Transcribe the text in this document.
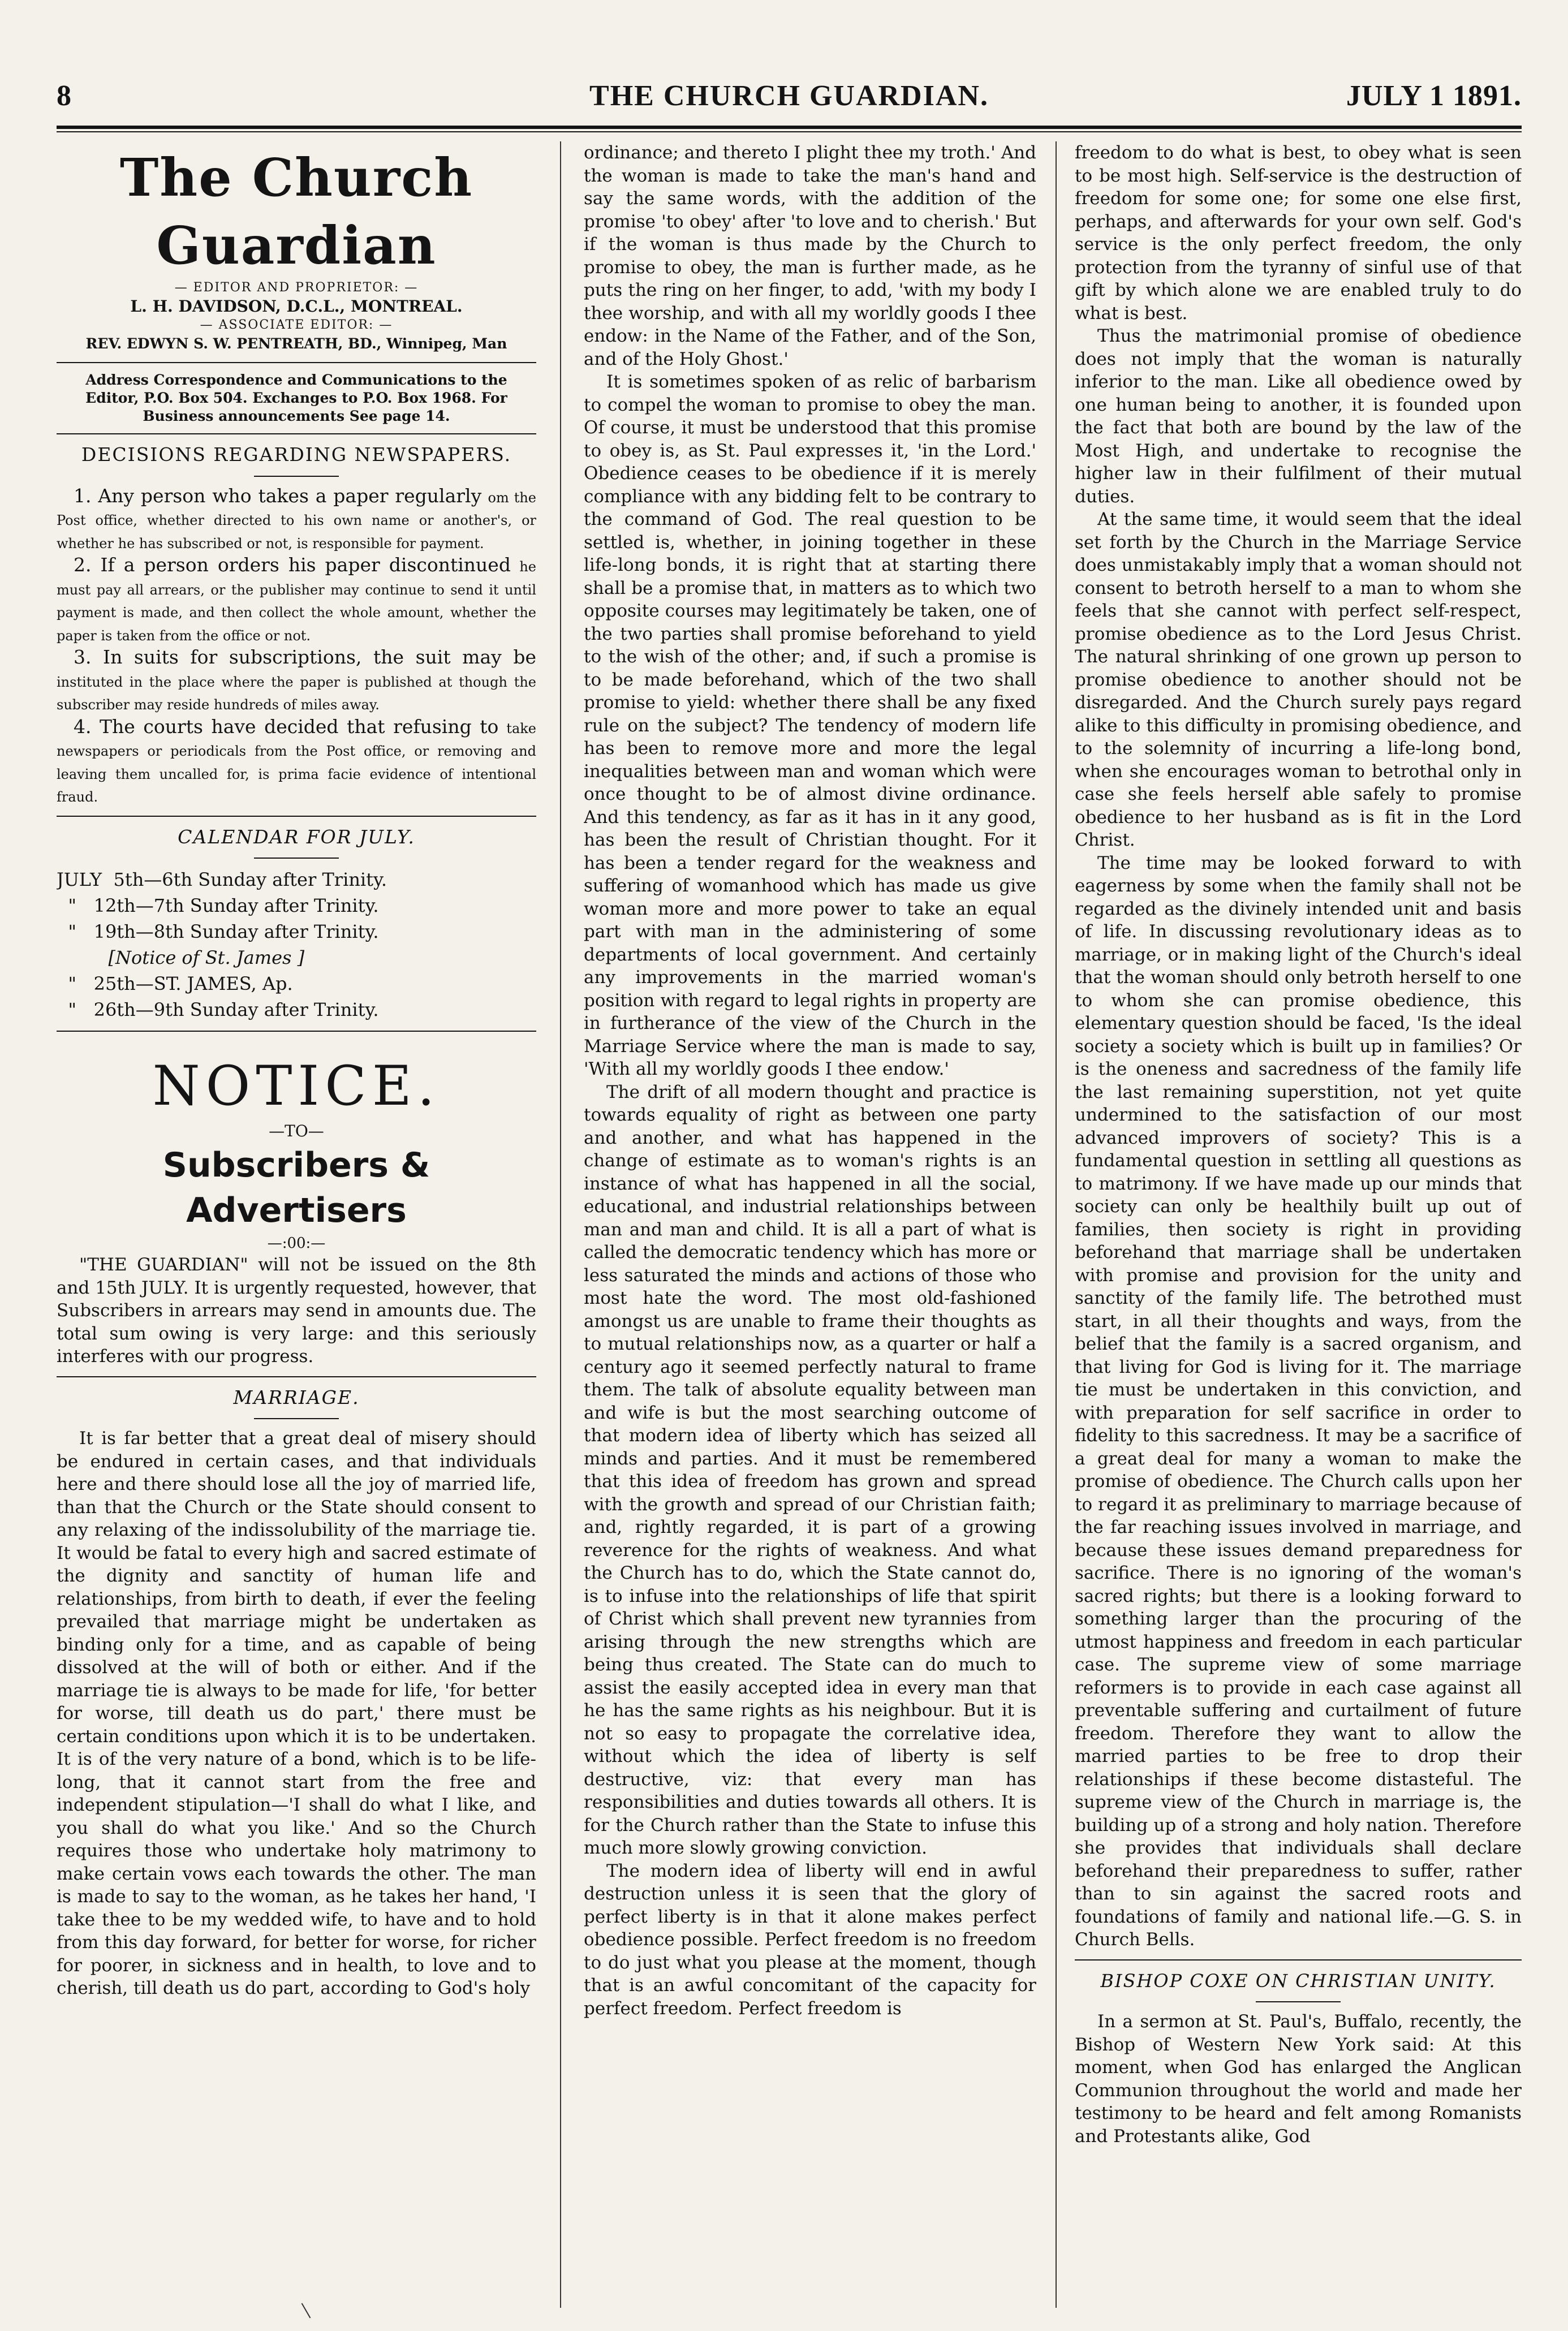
8	THE CHURCH GUARDIAN.	JULY 1 1891.
The Church Guardian
— EDITOR AND PROPRIETOR: —
L. H. DAVIDSON, D.C.L., MONTREAL.
— ASSOCIATE EDITOR: —
REV. EDWYN S. W. PENTREATH, BD., Winnipeg, Man
Address Correspondence and Communications to the Editor, P.O. Box 504. Exchanges to P.O. Box 1968. For Business announcements See page 14.
DECISIONS REGARDING NEWSPAPERS.

1. Any person who takes a paper regularly om the Post office, whether directed to his own name or another's, or whether he has subscribed or not, is responsible for payment.

2. If a person orders his paper discontinued he must pay all arrears, or the publisher may continue to send it until payment is made, and then collect the whole amount, whether the paper is taken from the office or not.

3. In suits for subscriptions, the suit may be instituted in the place where the paper is published at though the subscriber may reside hundreds of miles away.

4. The courts have decided that refusing to take newspapers or periodicals from the Post office, or removing and leaving them uncalled for, is prima facie evidence of intentional fraud.

CALENDAR FOR JULY.
JULY  5th—6th Sunday after Trinity.
"   12th—7th Sunday after Trinity.
"   19th—8th Sunday after Trinity.
[Notice of St. James ]
"   25th—ST. JAMES, Ap.
"   26th—9th Sunday after Trinity.
NOTICE.
—TO—
Subscribers & Advertisers
—:00:—

"THE GUARDIAN" will not be issued on the 8th and 15th JULY. It is urgently requested, however, that Subscribers in arrears may send in amounts due. The total sum owing is very large: and this seriously interferes with our progress.

MARRIAGE.

It is far better that a great deal of misery should be endured in certain cases, and that individuals here and there should lose all the joy of married life, than that the Church or the State should consent to any relaxing of the indissolubility of the marriage tie. It would be fatal to every high and sacred estimate of the dignity and sanctity of human life and relationships, from birth to death, if ever the feeling prevailed that marriage might be undertaken as binding only for a time, and as capable of being dissolved at the will of both or either. And if the marriage tie is always to be made for life, 'for better for worse, till death us do part,' there must be certain conditions upon which it is to be undertaken. It is of the very nature of a bond, which is to be life-long, that it cannot start from the free and independent stipulation—'I shall do what I like, and you shall do what you like.' And so the Church requires those who undertake holy matrimony to make certain vows each towards the other. The man is made to say to the woman, as he takes her hand, 'I take thee to be my wedded wife, to have and to hold from this day forward, for better for worse, for richer for poorer, in sickness and in health, to love and to cherish, till death us do part, according to God's holy

ordinance; and thereto I plight thee my troth.' And the woman is made to take the man's hand and say the same words, with the addition of the promise 'to obey' after 'to love and to cherish.' But if the woman is thus made by the Church to promise to obey, the man is further made, as he puts the ring on her finger, to add, 'with my body I thee worship, and with all my worldly goods I thee endow: in the Name of the Father, and of the Son, and of the Holy Ghost.'

It is sometimes spoken of as relic of barbarism to compel the woman to promise to obey the man. Of course, it must be understood that this promise to obey is, as St. Paul expresses it, 'in the Lord.' Obedience ceases to be obedience if it is merely compliance with any bidding felt to be contrary to the command of God. The real question to be settled is, whether, in joining together in these life-long bonds, it is right that at starting there shall be a promise that, in matters as to which two opposite courses may legitimately be taken, one of the two parties shall promise beforehand to yield to the wish of the other; and, if such a promise is to be made beforehand, which of the two shall promise to yield: whether there shall be any fixed rule on the subject? The tendency of modern life has been to remove more and more the legal inequalities between man and woman which were once thought to be of almost divine ordinance. And this tendency, as far as it has in it any good, has been the result of Christian thought. For it has been a tender regard for the weakness and suffering of womanhood which has made us give woman more and more power to take an equal part with man in the administering of some departments of local government. And certainly any improvements in the married woman's position with regard to legal rights in property are in furtherance of the view of the Church in the Marriage Service where the man is made to say, 'With all my worldly goods I thee endow.'

The drift of all modern thought and practice is towards equality of right as between one party and another, and what has happened in the change of estimate as to woman's rights is an instance of what has happened in all the social, educational, and industrial relationships between man and man and child. It is all a part of what is called the democratic tendency which has more or less saturated the minds and actions of those who most hate the word. The most old-fashioned amongst us are unable to frame their thoughts as to mutual relationships now, as a quarter or half a century ago it seemed perfectly natural to frame them. The talk of absolute equality between man and wife is but the most searching outcome of that modern idea of liberty which has seized all minds and parties. And it must be remembered that this idea of freedom has grown and spread with the growth and spread of our Christian faith; and, rightly regarded, it is part of a growing reverence for the rights of weakness. And what the Church has to do, which the State cannot do, is to infuse into the relationships of life that spirit of Christ which shall prevent new tyrannies from arising through the new strengths which are being thus created. The State can do much to assist the easily accepted idea in every man that he has the same rights as his neighbour. But it is not so easy to propagate the correlative idea, without which the idea of liberty is self destructive, viz: that every man has responsibilities and duties towards all others. It is for the Church rather than the State to infuse this much more slowly growing conviction.

The modern idea of liberty will end in awful destruction unless it is seen that the glory of perfect liberty is in that it alone makes perfect obedience possible. Perfect freedom is no freedom to do just what you please at the moment, though that is an awful concomitant of the capacity for perfect freedom. Perfect freedom is

freedom to do what is best, to obey what is seen to be most high. Self-service is the destruction of freedom for some one; for some one else first, perhaps, and afterwards for your own self. God's service is the only perfect freedom, the only protection from the tyranny of sinful use of that gift by which alone we are enabled truly to do what is best.

Thus the matrimonial promise of obedience does not imply that the woman is naturally inferior to the man. Like all obedience owed by one human being to another, it is founded upon the fact that both are bound by the law of the Most High, and undertake to recognise the higher law in their fulfilment of their mutual duties.

At the same time, it would seem that the ideal set forth by the Church in the Marriage Service does unmistakably imply that a woman should not consent to betroth herself to a man to whom she feels that she cannot with perfect self-respect, promise obedience as to the Lord Jesus Christ. The natural shrinking of one grown up person to promise obedience to another should not be disregarded. And the Church surely pays regard alike to this difficulty in promising obedience, and to the solemnity of incurring a life-long bond, when she encourages woman to betrothal only in case she feels herself able safely to promise obedience to her husband as is fit in the Lord Christ.

The time may be looked forward to with eagerness by some when the family shall not be regarded as the divinely intended unit and basis of life. In discussing revolutionary ideas as to marriage, or in making light of the Church's ideal that the woman should only betroth herself to one to whom she can promise obedience, this elementary question should be faced, 'Is the ideal society a society which is built up in families? Or is the oneness and sacredness of the family life the last remaining superstition, not yet quite undermined to the satisfaction of our most advanced improvers of society? This is a fundamental question in settling all questions as to matrimony. If we have made up our minds that society can only be healthily built up out of families, then society is right in providing beforehand that marriage shall be undertaken with promise and provision for the unity and sanctity of the family life. The betrothed must start, in all their thoughts and ways, from the belief that the family is a sacred organism, and that living for God is living for it. The marriage tie must be undertaken in this conviction, and with preparation for self sacrifice in order to fidelity to this sacredness. It may be a sacrifice of a great deal for many a woman to make the promise of obedience. The Church calls upon her to regard it as preliminary to marriage because of the far reaching issues involved in marriage, and because these issues demand preparedness for sacrifice. There is no ignoring of the woman's sacred rights; but there is a looking forward to something larger than the procuring of the utmost happiness and freedom in each particular case. The supreme view of some marriage reformers is to provide in each case against all preventable suffering and curtailment of future freedom. Therefore they want to allow the married parties to be free to drop their relationships if these become distasteful. The supreme view of the Church in marriage is, the building up of a strong and holy nation. Therefore she provides that individuals shall declare beforehand their preparedness to suffer, rather than to sin against the sacred roots and foundations of family and national life.—G. S. in Church Bells.

BISHOP COXE ON CHRISTIAN UNITY.

In a sermon at St. Paul's, Buffalo, recently, the Bishop of Western New York said: At this moment, when God has enlarged the Anglican Communion throughout the world and made her testimony to be heard and felt among Romanists and Protestants alike, God
